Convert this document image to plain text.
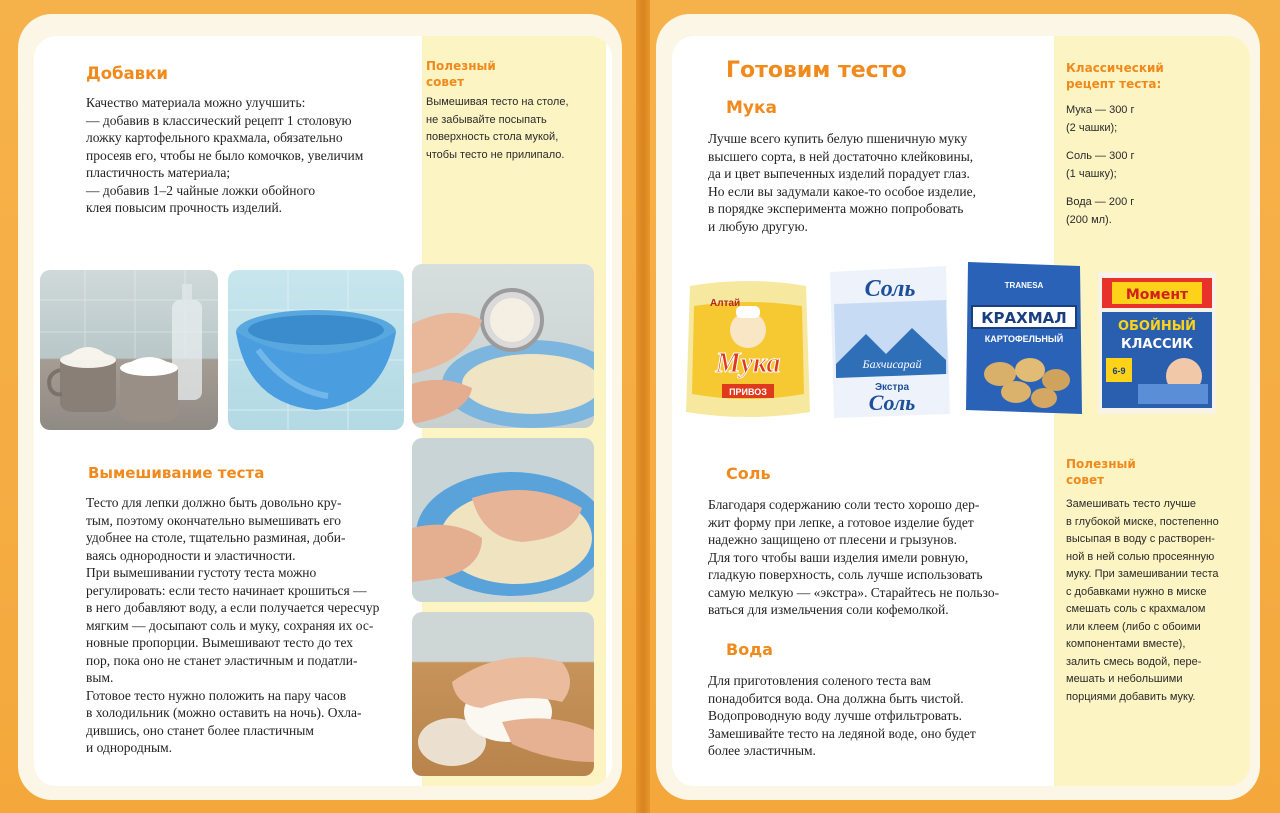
Добавки
Качество материала можно улучшить:
— добавив в классический рецепт 1 столовую
ложку картофельного крахмала, обязательно
просеяв его, чтобы не было комочков, увеличим
пластичность материала;
— добавив 1–2 чайные ложки обойного
клея повысим прочность изделий.
Полезный
совет
Вымешивая тесто на столе,
не забывайте посыпать
поверхность стола мукой,
чтобы тесто не прилипало.
Вымешивание теста
Тесто для лепки должно быть довольно кру-
тым, поэтому окончательно вымешивать его
удобнее на столе, тщательно разминая, доби-
ваясь однородности и эластичности.
При вымешивании густоту теста можно
регулировать: если тесто начинает крошиться —
в него добавляют воду, а если получается чересчур
мягким — досыпают соль и муку, сохраняя их ос-
новные пропорции. Вымешивают тесто до тех
пор, пока оно не станет эластичным и податли-
вым.
Готовое тесто нужно положить на пару часов
в холодильник (можно оставить на ночь). Охла-
дившись, оно станет более пластичным
и однородным.
Готовим тесто
Мука
Лучше всего купить белую пшеничную муку
высшего сорта, в ней достаточно клейковины,
да и цвет выпеченных изделий порадует глаз.
Но если вы задумали какое-то особое изделие,
в порядке эксперимента можно попробовать
и любую другую.
Классический
рецепт теста:
Мука — 300 г
(2 чашки);
Соль — 300 г
(1 чашку);
Вода — 200 г
(200 мл).
Алтай
Мука
ПРИВОЗ
Соль
Бахчисарай
Экстра
Соль
TRANESA
КРАХМАЛ
КАРТОФЕЛЬНЫЙ
Момент
ОБОЙНЫЙ
КЛАССИК
6-9
Соль
Благодаря содержанию соли тесто хорошо дер-
жит форму при лепке, а готовое изделие будет
надежно защищено от плесени и грызунов.
Для того чтобы ваши изделия имели ровную,
гладкую поверхность, соль лучше использовать
самую мелкую — «экстра». Старайтесь не пользо-
ваться для измельчения соли кофемолкой.
Вода
Для приготовления соленого теста вам
понадобится вода. Она должна быть чистой.
Водопроводную воду лучше отфильтровать.
Замешивайте тесто на ледяной воде, оно будет
более эластичным.
Полезный
совет
Замешивать тесто лучше
в глубокой миске, постепенно
высыпая в воду с растворен-
ной в ней солью просеянную
муку. При замешивании теста
с добавками нужно в миске
смешать соль с крахмалом
или клеем (либо с обоими
компонентами вместе),
залить смесь водой, пере-
мешать и небольшими
порциями добавить муку.
